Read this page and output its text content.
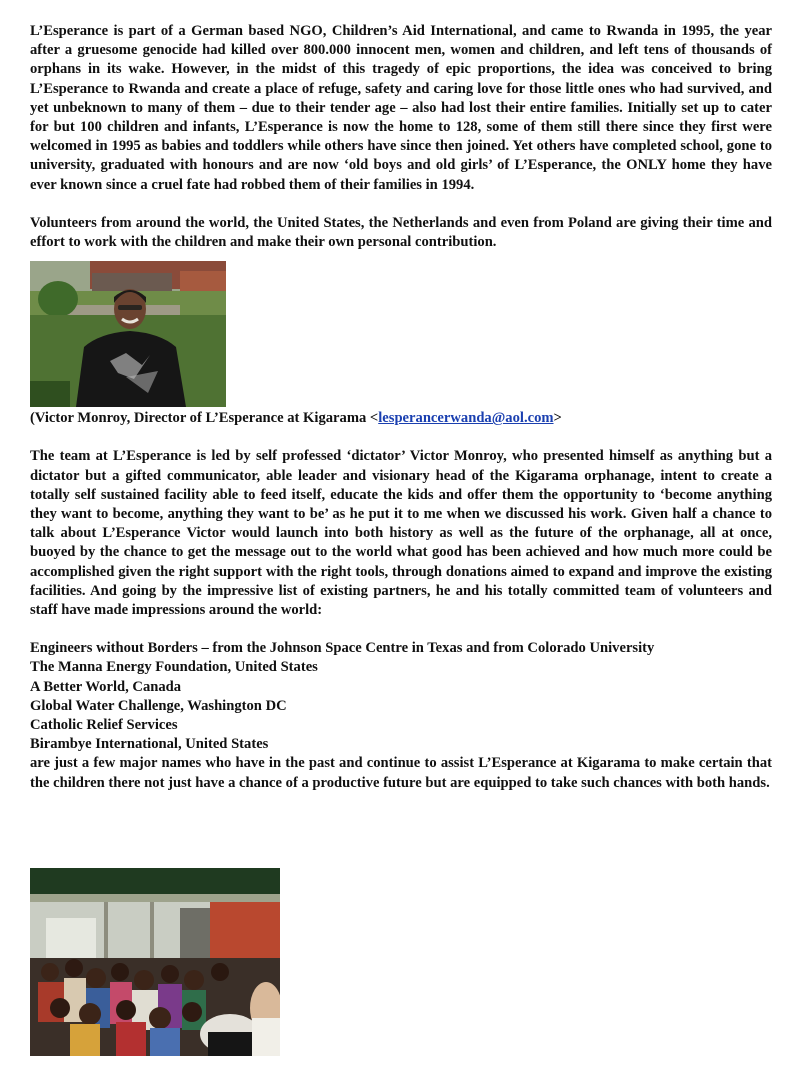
L’Esperance is part of a German based NGO, Children’s Aid International, and came to Rwanda in 1995, the year after a gruesome genocide had killed over 800.000 innocent men, women and children, and left tens of thousands of orphans in its wake. However, in the midst of this tragedy of epic proportions, the idea was conceived to bring L’Esperance to Rwanda and create a place of refuge, safety and caring love for those little ones who had survived, and yet unbeknown to many of them – due to their tender age – also had lost their entire families. Initially set up to cater for but 100 children and infants, L’Esperance is now the home to 128, some of them still there since they first were welcomed in 1995 as babies and toddlers while others have since then joined. Yet others have completed school, gone to university, graduated with honours and are now ‘old boys and old girls’ of L’Esperance, the ONLY home they have ever known since a cruel fate had robbed them of their families in 1994.

Volunteers from around the world, the United States, the Netherlands and even from Poland are giving their time and effort to work with the children and make their own personal contribution.

(Victor Monroy, Director of L’Esperance at Kigarama <lesperancerwanda@aol.com>

The team at L’Esperance is led by self professed ‘dictator’ Victor Monroy, who presented himself as anything but a dictator but a gifted communicator, able leader and visionary head of the Kigarama orphanage, intent to create a totally self sustained facility able to feed itself, educate the kids and offer them the opportunity to ‘become anything they want to become, anything they want to be’ as he put it to me when we discussed his work. Given half a chance to talk about L’Esperance Victor would launch into both history as well as the future of the orphanage, all at once, buoyed by the chance to get the message out to the world what good has been achieved and how much more could be accomplished given the right support with the right tools, through donations aimed to expand and improve the existing facilities. And going by the impressive list of existing partners, he and his totally committed team of volunteers and staff have made impressions around the world:

Engineers without Borders – from the Johnson Space Centre in Texas and from Colorado University
The Manna Energy Foundation, United States
A Better World, Canada
Global Water Challenge, Washington DC
Catholic Relief Services
Birambye International, United States

are just a few major names who have in the past and continue to assist L’Esperance at Kigarama to make certain that the children there not just have a chance of a productive future but are equipped to take such chances with both hands.
